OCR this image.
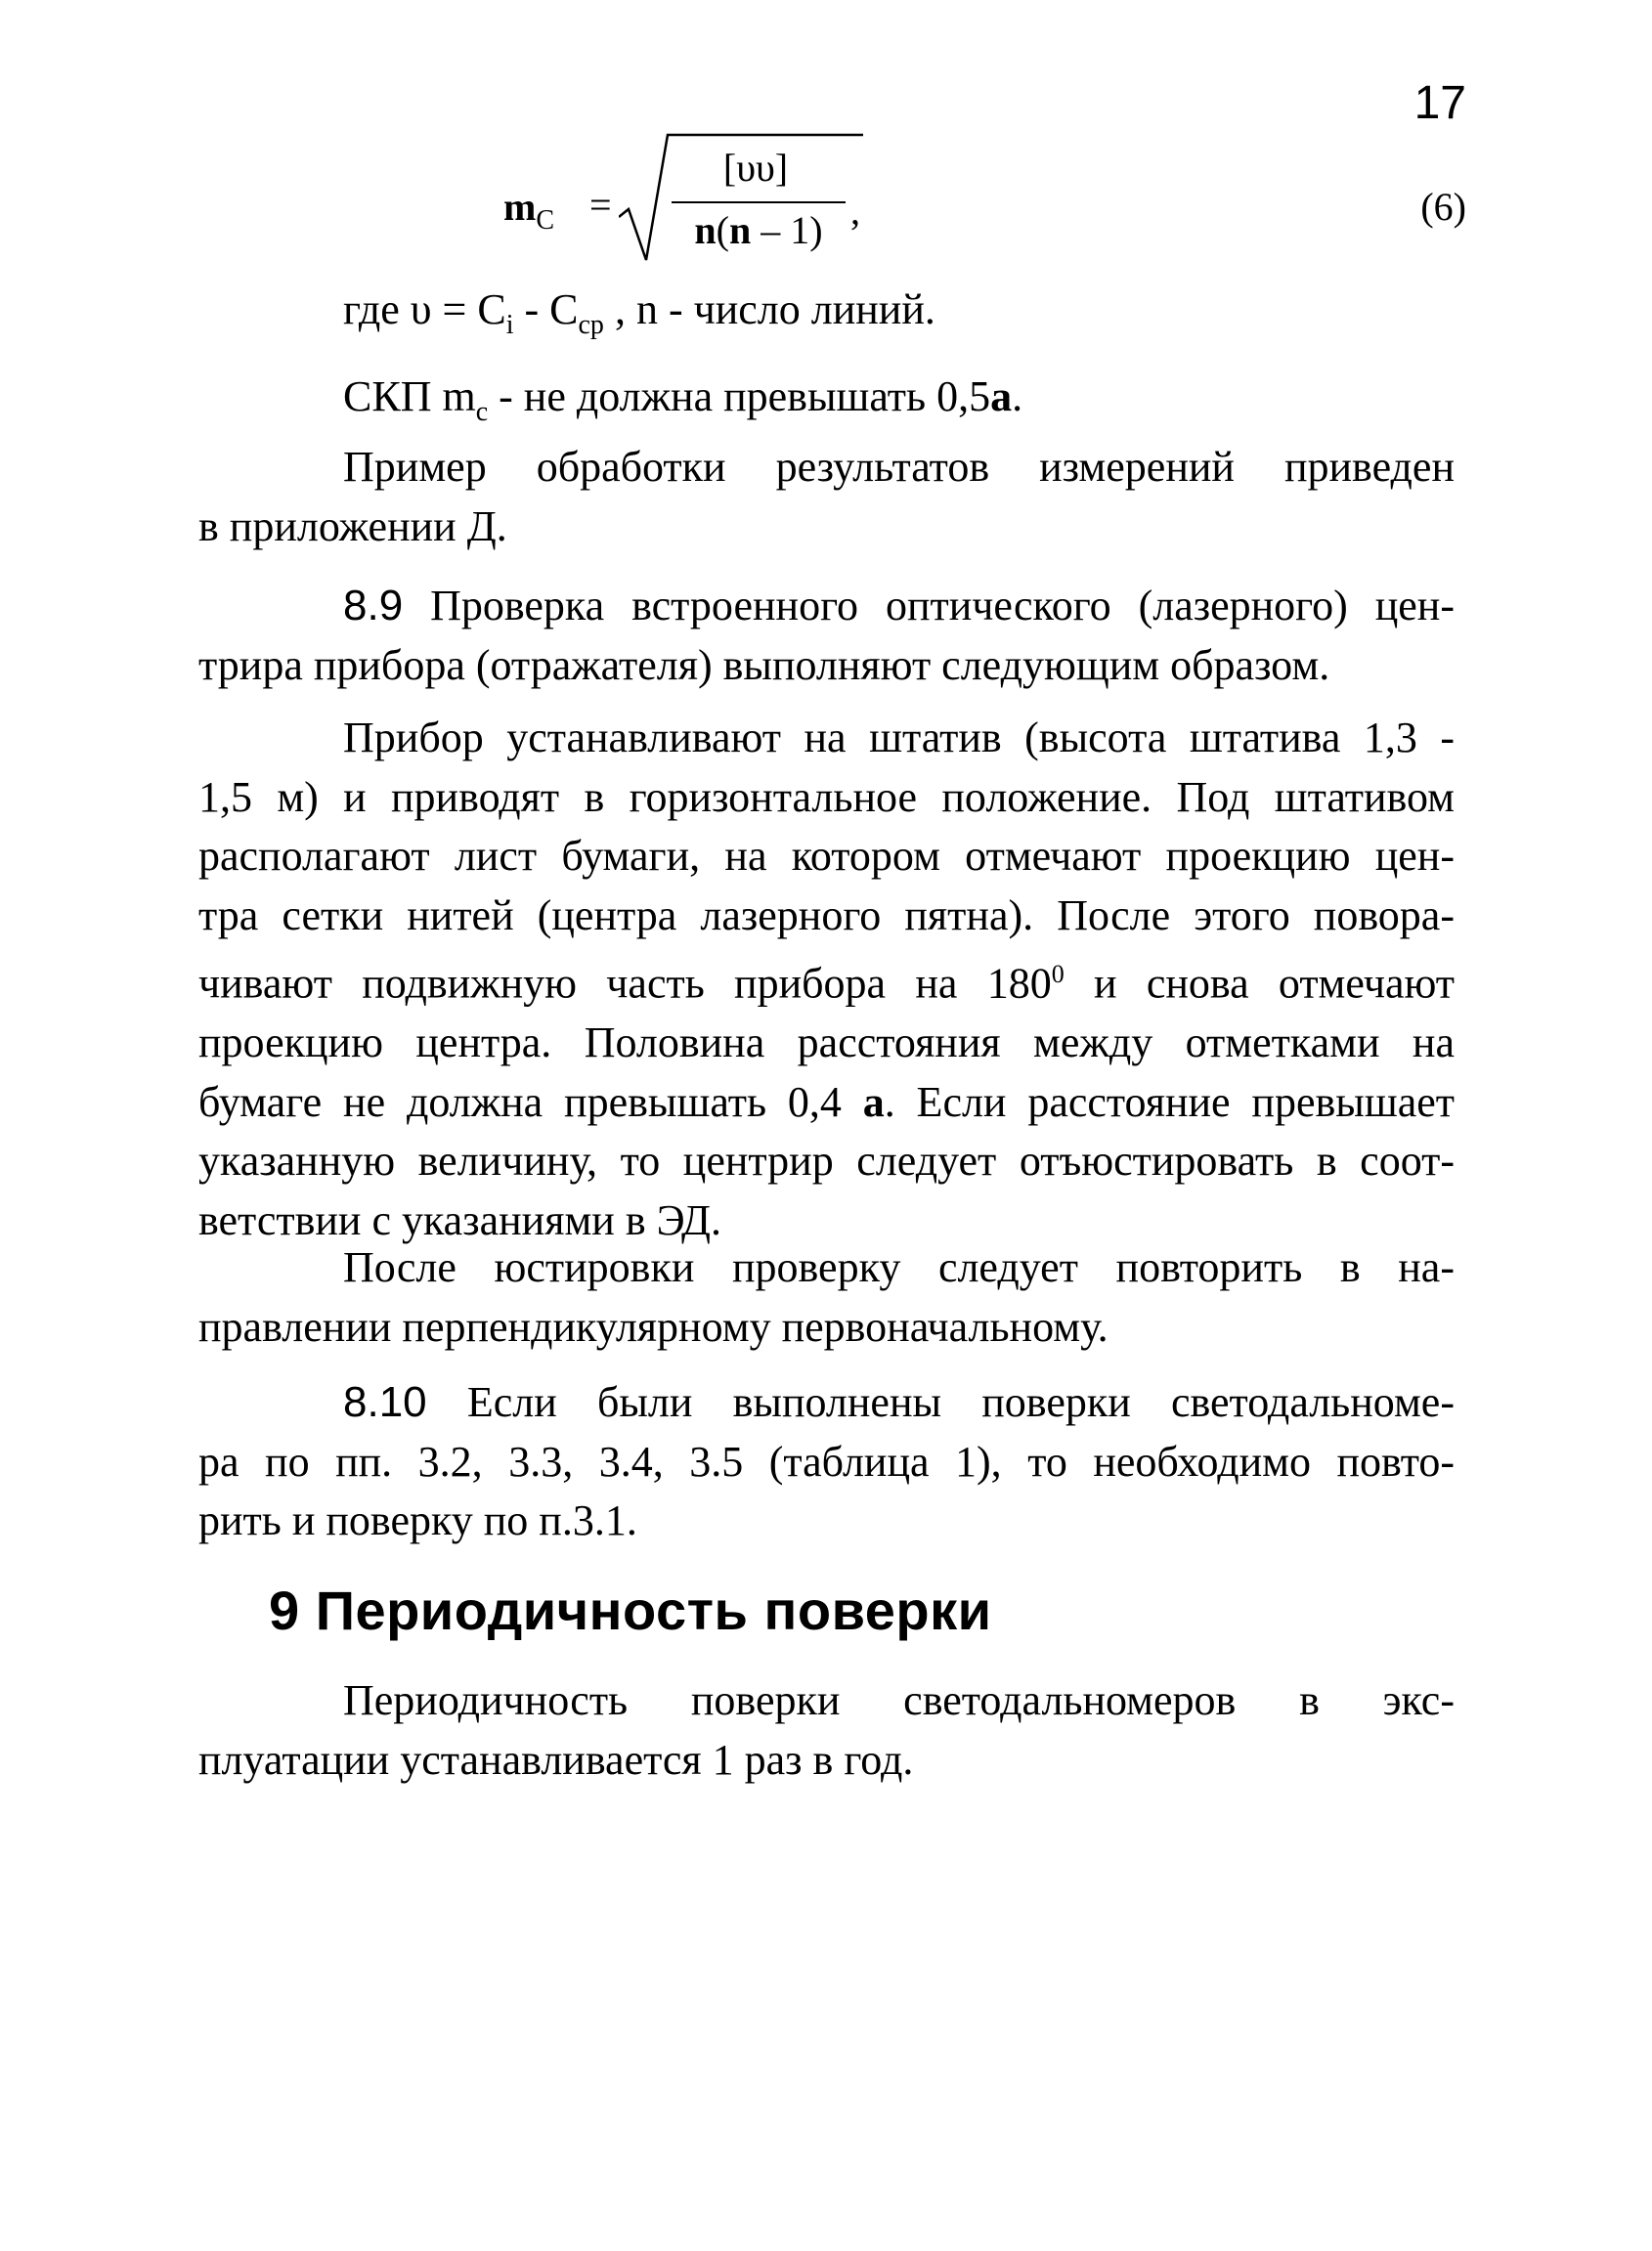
17
$m_C$ =
[υυ]
n(n – 1) ,	(6)
где $\upsilon = C_i - C_{ср}$ , n - число линий.
СКП $m_c$ - не должна превышать 0,5a.
Пример обработки результатов измерений приведен
в приложении Д.
8.9 Проверка встроенного оптического (лазерного) цен-
трира прибора (отражателя) выполняют следующим образом.
Прибор устанавливают на штатив (высота штатива 1,3 -
1,5 м) и приводят в горизонтальное положение. Под штативом
располагают лист бумаги, на котором отмечают проекцию цен-
тра сетки нитей (центра лазерного пятна). После этого повора-
чивают подвижную часть прибора на $180^0$ и снова отмечают
проекцию центра. Половина расстояния между отметками на
бумаге не должна превышать 0,4 а. Если расстояние превышает
указанную величину, то центрир следует отъюстировать в соот-
ветствии с указаниями в ЭД.
После юстировки проверку следует повторить в на-
правлении перпендикулярному первоначальному.
8.10 Если были выполнены поверки светодальноме-
ра по пп. 3.2, 3.3, 3.4, 3.5 (таблица 1), то необходимо повто-
рить и поверку по п.3.1.
9 Периодичность поверки
Периодичность поверки светодальномеров в экс-
плуатации устанавливается 1 раз в год.
